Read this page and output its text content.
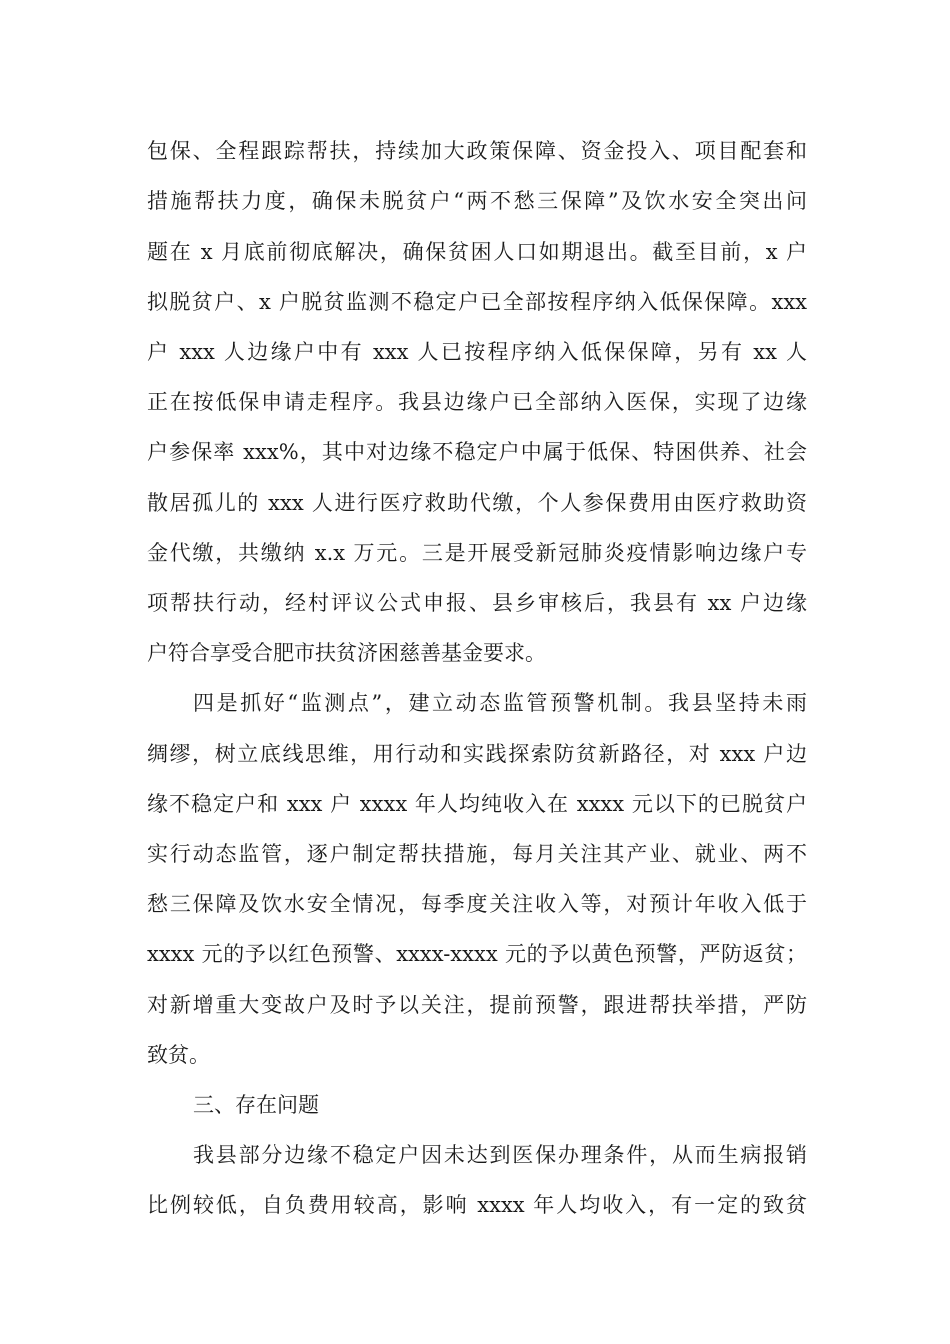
包保、全程跟踪帮扶，持续加大政策保障、资金投入、项目配套和
措施帮扶力度，确保未脱贫户“两不愁三保障”及饮水安全突出问
题在 x 月底前彻底解决，确保贫困人口如期退出。截至目前，x 户
拟脱贫户、x 户脱贫监测不稳定户已全部按程序纳入低保保障。xxx
户 xxx 人边缘户中有 xxx 人已按程序纳入低保保障，另有 xx 人
正在按低保申请走程序。我县边缘户已全部纳入医保，实现了边缘
户参保率 xxx%，其中对边缘不稳定户中属于低保、特困供养、社会
散居孤儿的 xxx 人进行医疗救助代缴，个人参保费用由医疗救助资
金代缴，共缴纳 x.x 万元。三是开展受新冠肺炎疫情影响边缘户专
项帮扶行动，经村评议公式申报、县乡审核后，我县有 xx 户边缘
户符合享受合肥市扶贫济困慈善基金要求。
四是抓好“监测点”，建立动态监管预警机制。我县坚持未雨
绸缪，树立底线思维，用行动和实践探索防贫新路径，对 xxx 户边
缘不稳定户和 xxx 户 xxxx 年人均纯收入在 xxxx 元以下的已脱贫户
实行动态监管，逐户制定帮扶措施，每月关注其产业、就业、两不
愁三保障及饮水安全情况，每季度关注收入等，对预计年收入低于
xxxx 元的予以红色预警、xxxx-xxxx 元的予以黄色预警，严防返贫；
对新增重大变故户及时予以关注，提前预警，跟进帮扶举措，严防
致贫。
三、存在问题
我县部分边缘不稳定户因未达到医保办理条件，从而生病报销
比例较低，自负费用较高，影响 xxxx 年人均收入，有一定的致贫
